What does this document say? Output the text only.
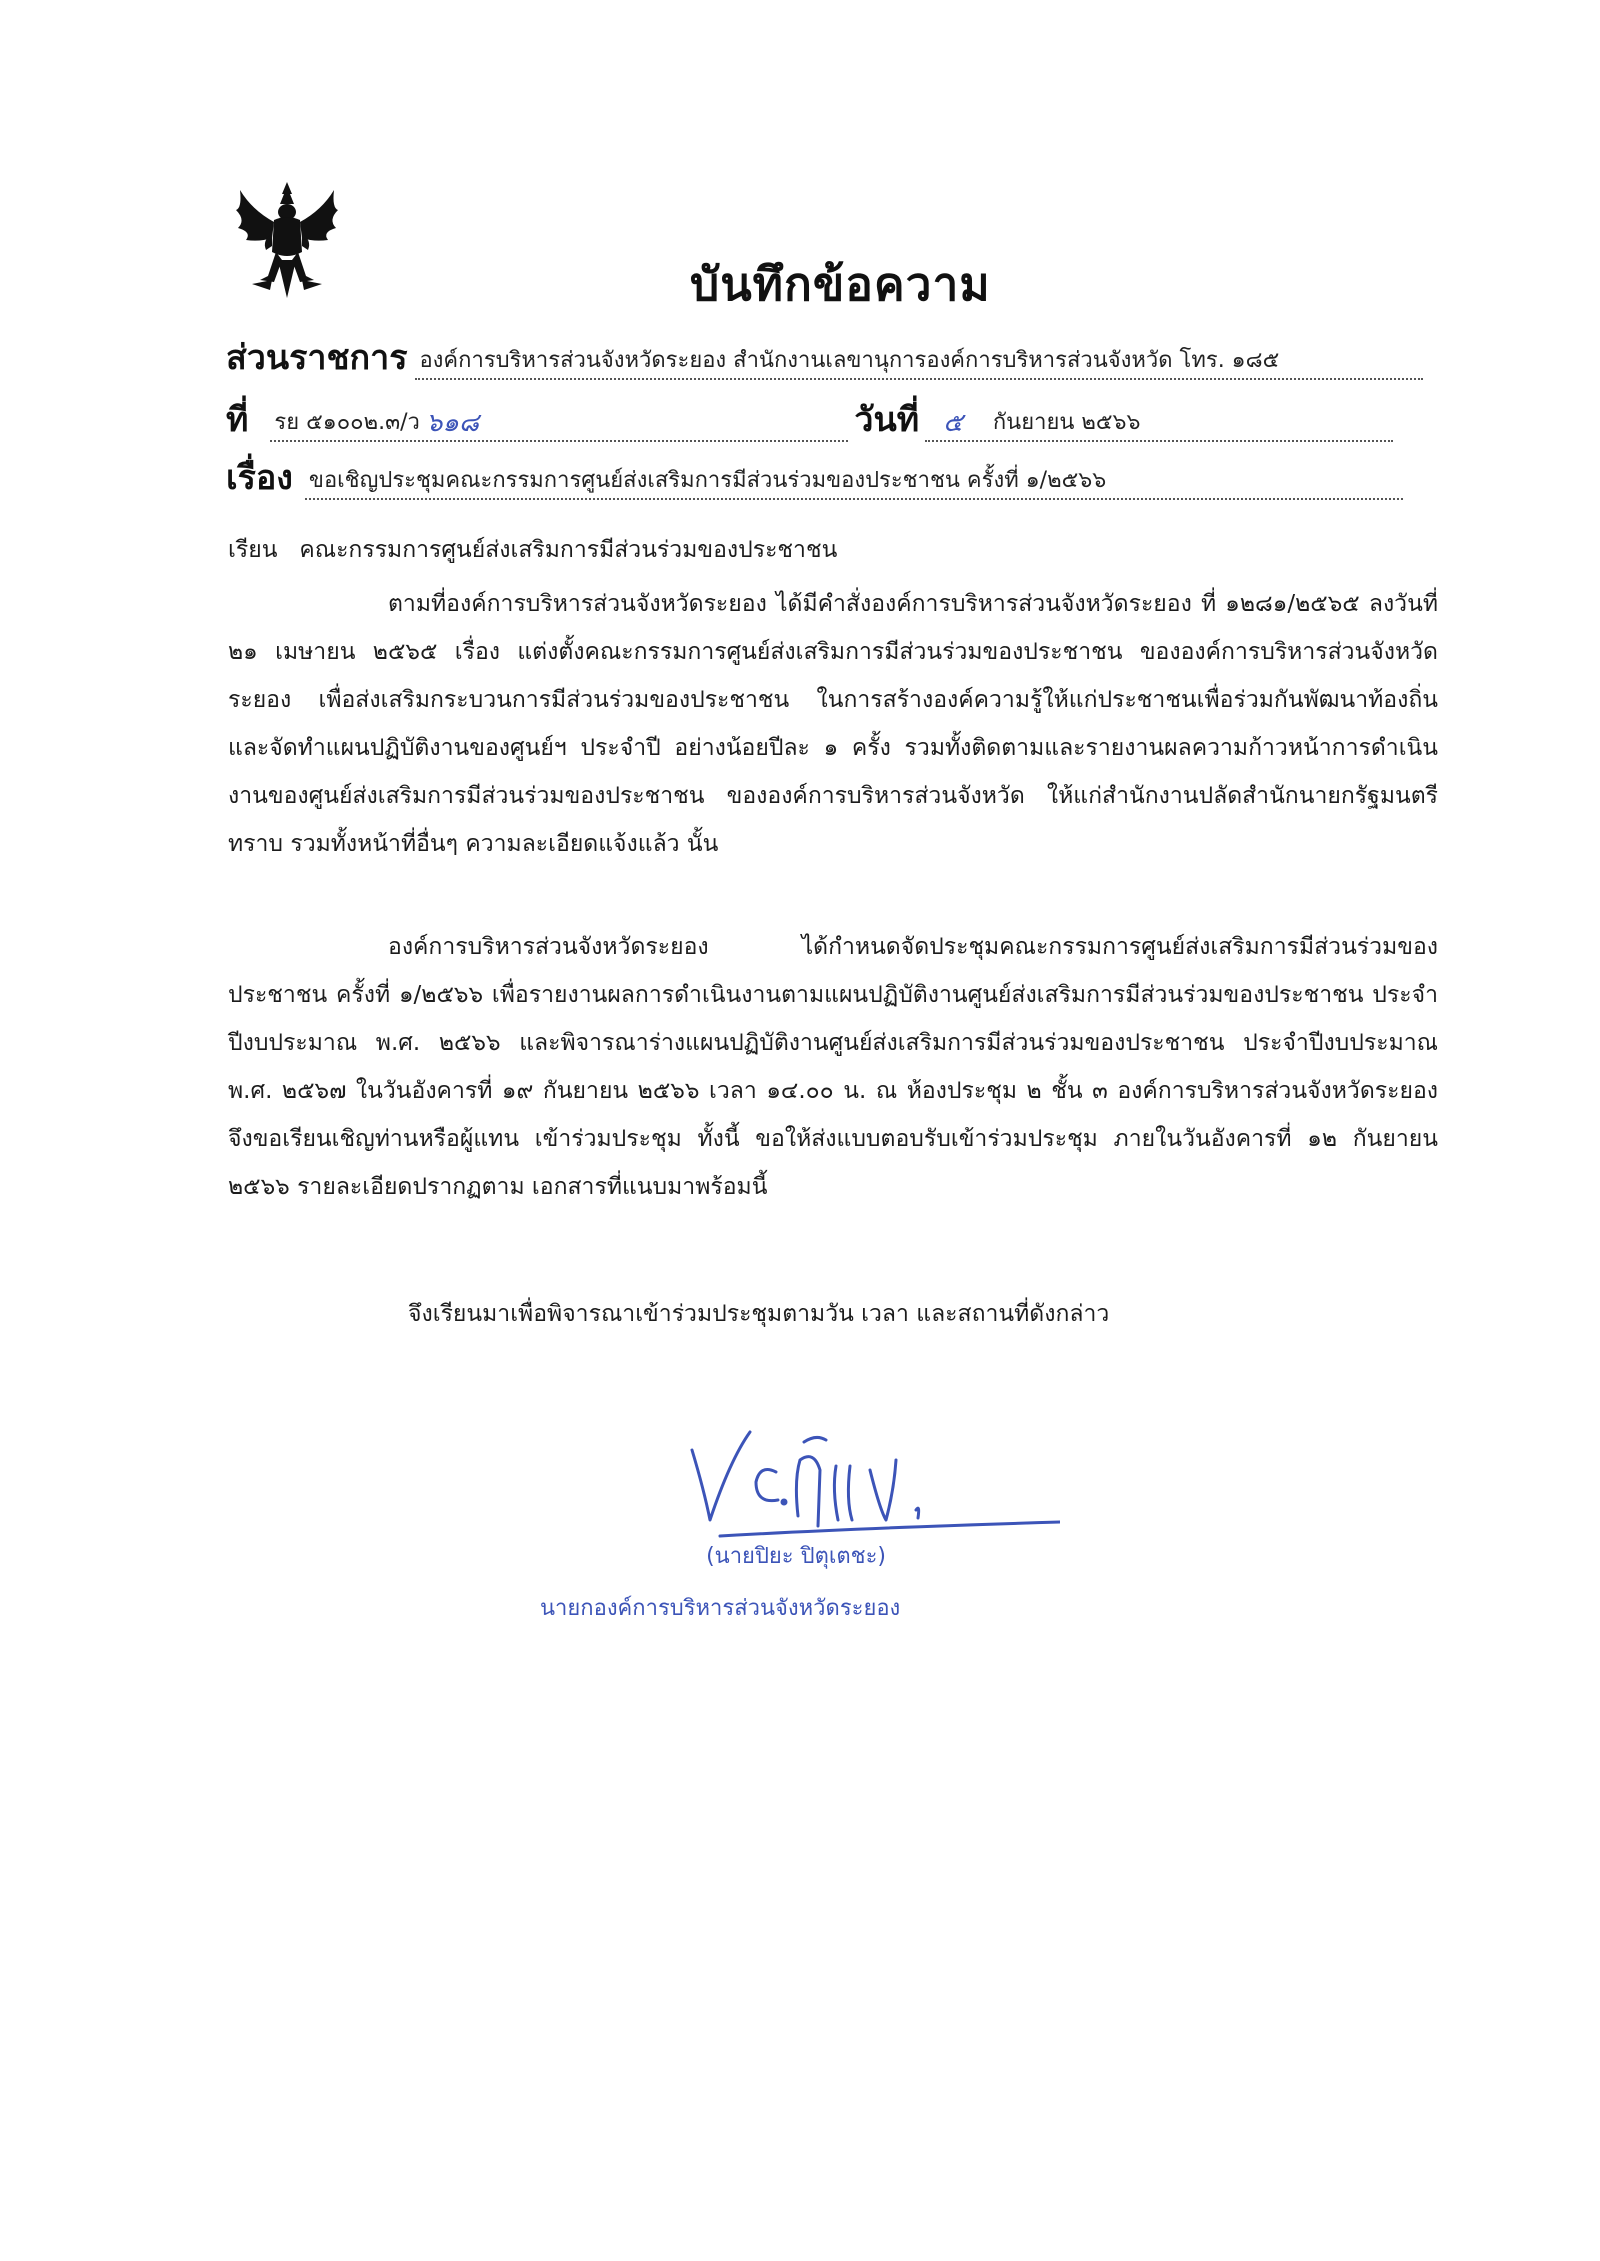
บันทึกข้อความ
ส่วนราชการ องค์การบริหารส่วนจังหวัดระยอง สำนักงานเลขานุการองค์การบริหารส่วนจังหวัด โทร. ๑๘๕
ที่ รย ๕๑๐๐๒.๓/ว ๖๑๘	วันที่ ๕ กันยายน ๒๕๖๖
เรื่อง ขอเชิญประชุมคณะกรรมการศูนย์ส่งเสริมการมีส่วนร่วมของประชาชน ครั้งที่ ๑/๒๕๖๖
เรียน   คณะกรรมการศูนย์ส่งเสริมการมีส่วนร่วมของประชาชน
ตามที่องค์การบริหารส่วนจังหวัดระยอง ได้มีคำสั่งองค์การบริหารส่วนจังหวัดระยอง ที่ ๑๒๘๑/๒๕๖๕ ลงวันที่ ๒๑ เมษายน ๒๕๖๕ เรื่อง แต่งตั้งคณะกรรมการศูนย์ส่งเสริมการมีส่วนร่วมของประชาชน ขององค์การบริหารส่วนจังหวัดระยอง เพื่อส่งเสริมกระบวนการมีส่วนร่วมของประชาชน ในการสร้างองค์ความรู้ให้แก่ประชาชนเพื่อร่วมกันพัฒนาท้องถิ่น และจัดทำแผนปฏิบัติงานของศูนย์ฯ ประจำปี อย่างน้อยปีละ ๑ ครั้ง รวมทั้งติดตามและรายงานผลความก้าวหน้าการดำเนินงานของศูนย์ส่งเสริมการมีส่วนร่วมของประชาชน ขององค์การบริหารส่วนจังหวัด ให้แก่สำนักงานปลัดสำนักนายกรัฐมนตรี ทราบ รวมทั้งหน้าที่อื่นๆ ความละเอียดแจ้งแล้ว นั้น
องค์การบริหารส่วนจังหวัดระยอง ได้กำหนดจัดประชุมคณะกรรมการศูนย์ส่งเสริมการมีส่วนร่วมของประชาชน ครั้งที่ ๑/๒๕๖๖ เพื่อรายงานผลการดำเนินงานตามแผนปฏิบัติงานศูนย์ส่งเสริมการมีส่วนร่วมของประชาชน ประจำปีงบประมาณ พ.ศ. ๒๕๖๖ และพิจารณาร่างแผนปฏิบัติงานศูนย์ส่งเสริมการมีส่วนร่วมของประชาชน ประจำปีงบประมาณ พ.ศ. ๒๕๖๗ ในวันอังคารที่ ๑๙ กันยายน ๒๕๖๖ เวลา ๑๔.๐๐ น. ณ ห้องประชุม ๒ ชั้น ๓ องค์การบริหารส่วนจังหวัดระยอง จึงขอเรียนเชิญท่านหรือผู้แทน เข้าร่วมประชุม ทั้งนี้ ขอให้ส่งแบบตอบรับเข้าร่วมประชุม ภายในวันอังคารที่ ๑๒ กันยายน ๒๕๖๖ รายละเอียดปรากฏตาม เอกสารที่แนบมาพร้อมนี้
จึงเรียนมาเพื่อพิจารณาเข้าร่วมประชุมตามวัน เวลา และสถานที่ดังกล่าว
(นายปิยะ ปิตุเตชะ)
นายกองค์การบริหารส่วนจังหวัดระยอง
